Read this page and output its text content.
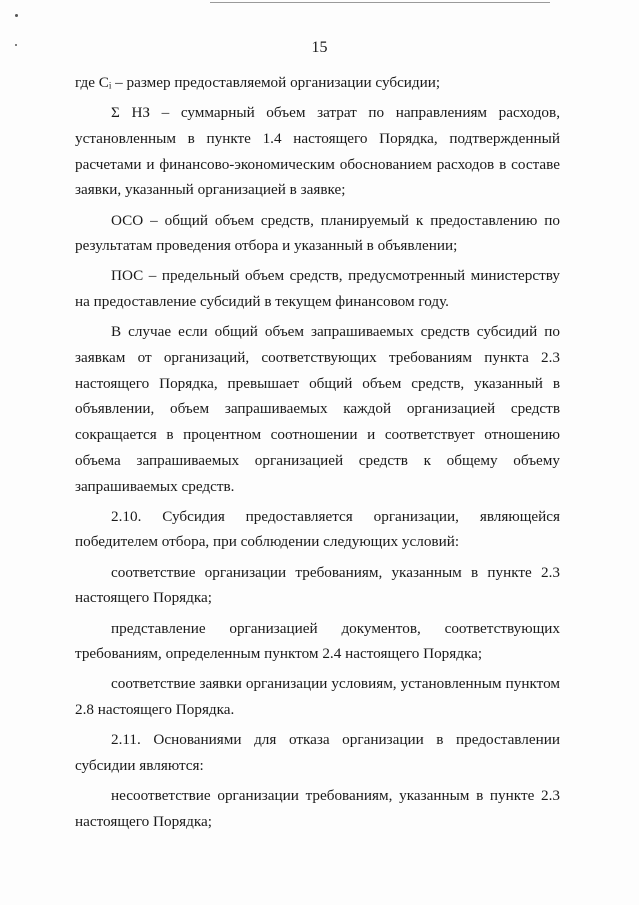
15

где Cᵢ – размер предоставляемой организации субсидии;

Σ НЗ – суммарный объем затрат по направлениям расходов, установленным в пункте 1.4 настоящего Порядка, подтвержденный расчетами и финансово-экономическим обоснованием расходов в составе заявки, указанный организацией в заявке;

ОСО – общий объем средств, планируемый к предоставлению по результатам проведения отбора и указанный в объявлении;

ПОС – предельный объем средств, предусмотренный министерству на предоставление субсидий в текущем финансовом году.

В случае если общий объем запрашиваемых средств субсидий по заявкам от организаций, соответствующих требованиям пункта 2.3 настоящего Порядка, превышает общий объем средств, указанный в объявлении, объем запрашиваемых каждой организацией средств сокращается в процентном соотношении и соответствует отношению объема запрашиваемых организацией средств к общему объему запрашиваемых средств.

2.10. Субсидия предоставляется организации, являющейся победителем отбора, при соблюдении следующих условий:

соответствие организации требованиям, указанным в пункте 2.3 настоящего Порядка;

представление организацией документов, соответствующих требованиям, определенным пунктом 2.4 настоящего Порядка;

соответствие заявки организации условиям, установленным пунктом 2.8 настоящего Порядка.

2.11. Основаниями для отказа организации в предоставлении субсидии являются:

несоответствие организации требованиям, указанным в пункте 2.3 настоящего Порядка;
